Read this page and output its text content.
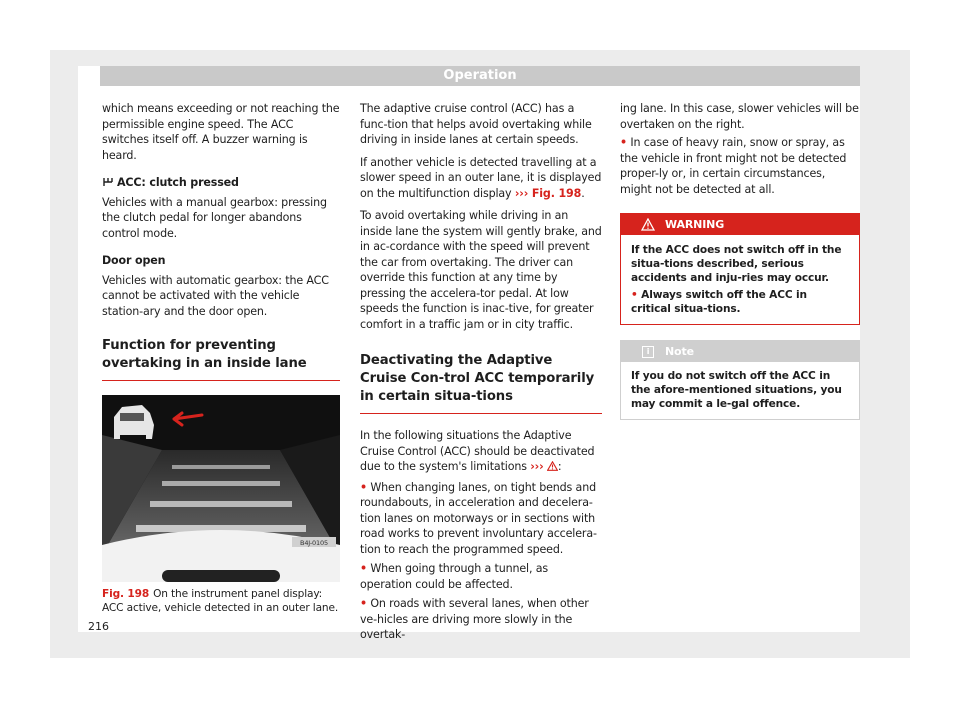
Operation

which means exceeding or not reaching the permissible engine speed. The ACC switches itself off. A buzzer warning is heard.

ACC: clutch pressed

Vehicles with a manual gearbox: pressing the clutch pedal for longer abandons control mode.

Door open

Vehicles with automatic gearbox: the ACC cannot be activated with the vehicle station-ary and the door open.

Function for preventing overtaking in an inside lane
B4J-0105
Fig. 198 On the instrument panel display: ACC active, vehicle detected in an outer lane.

The adaptive cruise control (ACC) has a func-tion that helps avoid overtaking while driving in inside lanes at certain speeds.

If another vehicle is detected travelling at a slower speed in an outer lane, it is displayed on the multifunction display ››› Fig. 198.

To avoid overtaking while driving in an inside lane the system will gently brake, and in ac-cordance with the speed will prevent the car from overtaking. The driver can override this function at any time by pressing the accelera-tor pedal. At low speeds the function is inac-tive, for greater comfort in a traffic jam or in city traffic.

Deactivating the Adaptive Cruise Con-trol ACC temporarily in certain situa-tions

In the following situations the Adaptive Cruise Control (ACC) should be deactivated due to the system's limitations ››› :

• When changing lanes, on tight bends and roundabouts, in acceleration and decelera-tion lanes on motorways or in sections with road works to prevent involuntary accelera-tion to reach the programmed speed.

• When going through a tunnel, as operation could be affected.

• On roads with several lanes, when other ve-hicles are driving more slowly in the overtak-

ing lane. In this case, slower vehicles will be overtaken on the right.

• In case of heavy rain, snow or spray, as the vehicle in front might not be detected proper-ly or, in certain circumstances, might not be detected at all.

WARNING

If the ACC does not switch off in the situa-tions described, serious accidents and inju-ries may occur.

• Always switch off the ACC in critical situa-tions.

i	Note
If you do not switch off the ACC in the afore-mentioned situations, you may commit a le-gal offence.
216
